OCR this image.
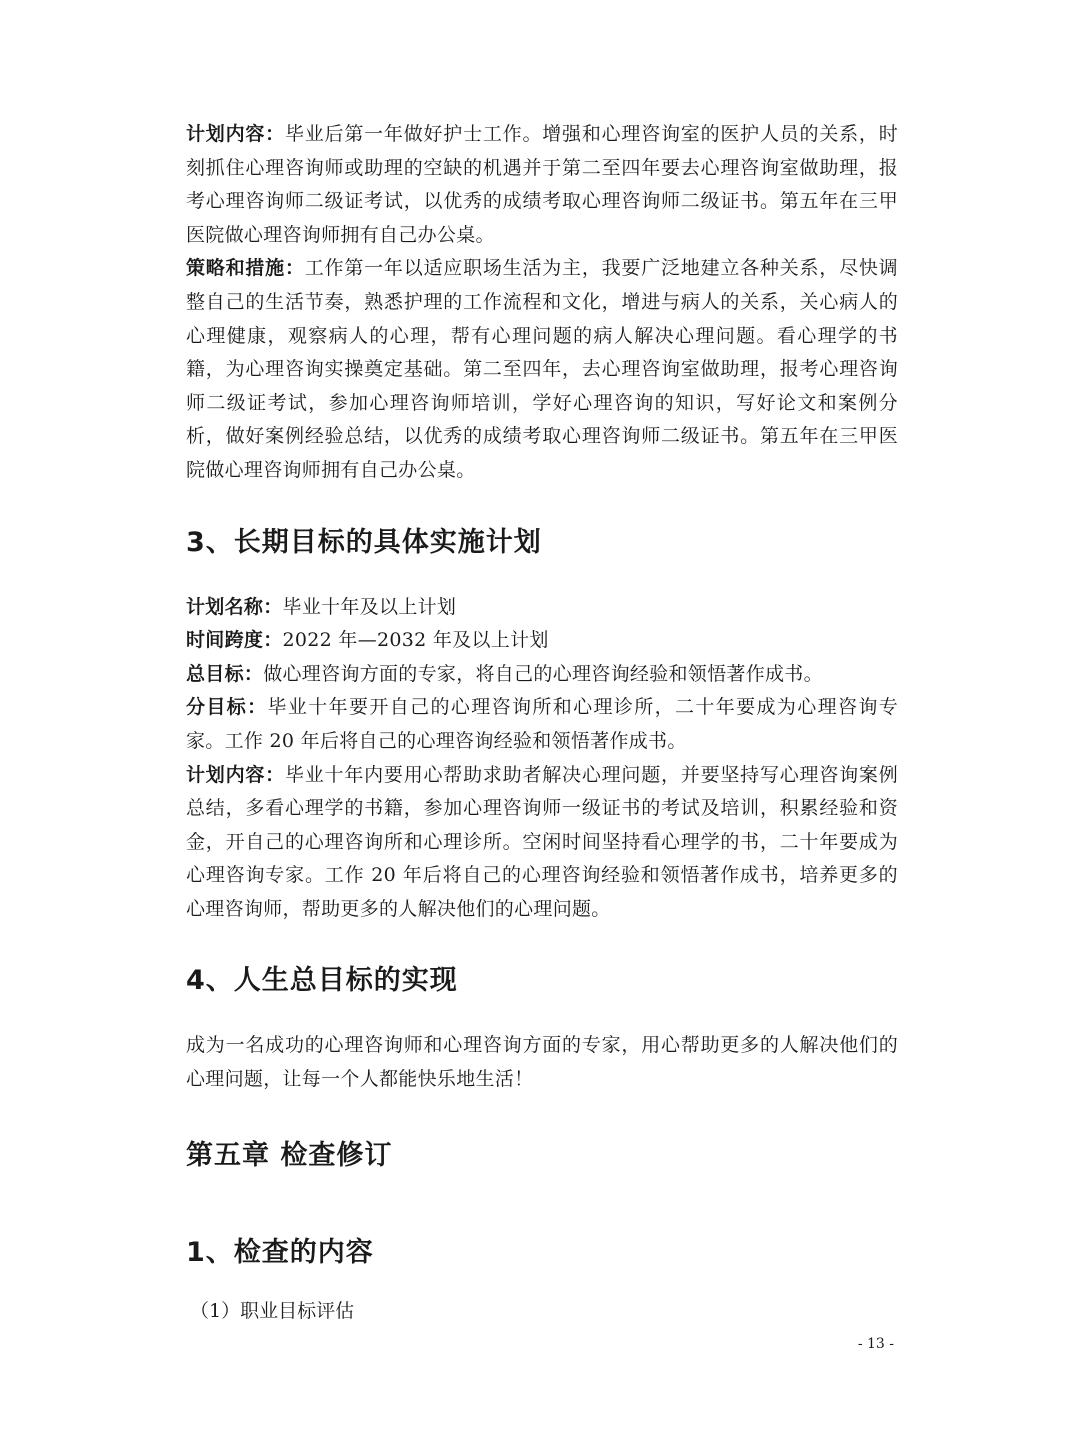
计划内容：毕业后第一年做好护士工作。增强和心理咨询室的医护人员的关系，时刻抓住心理咨询师或助理的空缺的机遇并于第二至四年要去心理咨询室做助理，报考心理咨询师二级证考试，以优秀的成绩考取心理咨询师二级证书。第五年在三甲医院做心理咨询师拥有自己办公桌。

策略和措施：工作第一年以适应职场生活为主，我要广泛地建立各种关系，尽快调整自己的生活节奏，熟悉护理的工作流程和文化，增进与病人的关系，关心病人的心理健康，观察病人的心理，帮有心理问题的病人解决心理问题。看心理学的书籍，为心理咨询实操奠定基础。第二至四年，去心理咨询室做助理，报考心理咨询师二级证考试，参加心理咨询师培训，学好心理咨询的知识，写好论文和案例分析，做好案例经验总结，以优秀的成绩考取心理咨询师二级证书。第五年在三甲医院做心理咨询师拥有自己办公桌。

3、长期目标的具体实施计划

计划名称：毕业十年及以上计划

时间跨度：2022 年—2032 年及以上计划

总目标：做心理咨询方面的专家，将自己的心理咨询经验和领悟著作成书。

分目标：毕业十年要开自己的心理咨询所和心理诊所，二十年要成为心理咨询专家。工作 20 年后将自己的心理咨询经验和领悟著作成书。

计划内容：毕业十年内要用心帮助求助者解决心理问题，并要坚持写心理咨询案例总结，多看心理学的书籍，参加心理咨询师一级证书的考试及培训，积累经验和资金，开自己的心理咨询所和心理诊所。空闲时间坚持看心理学的书，二十年要成为心理咨询专家。工作 20 年后将自己的心理咨询经验和领悟著作成书，培养更多的心理咨询师，帮助更多的人解决他们的心理问题。

4、人生总目标的实现

成为一名成功的心理咨询师和心理咨询方面的专家，用心帮助更多的人解决他们的心理问题，让每一个人都能快乐地生活！

第五章 检查修订
1、检查的内容

（1）职业目标评估

- 13 -
